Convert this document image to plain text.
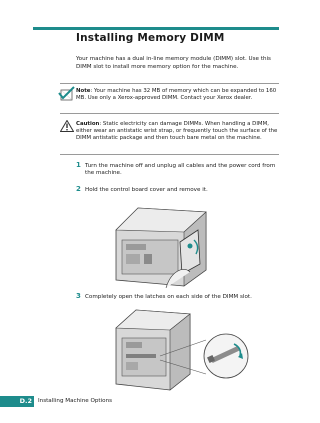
Installing Memory DIMM
Your machine has a dual in-line memory module (DIMM) slot. Use this DIMM slot to install more memory option for the machine.
Note: Your machine has 32 MB of memory which can be expanded to 160 MB. Use only a Xerox-approved DIMM. Contact your Xerox dealer.
Caution: Static electricity can damage DIMMs. When handling a DIMM, either wear an antistatic wrist strap, or frequently touch the surface of the DIMM antistatic package and then touch bare metal on the machine.
1 Turn the machine off and unplug all cables and the power cord from the machine.
2 Hold the control board cover and remove it.
3 Completely open the latches on each side of the DIMM slot.
D.2	Installing Machine Options
